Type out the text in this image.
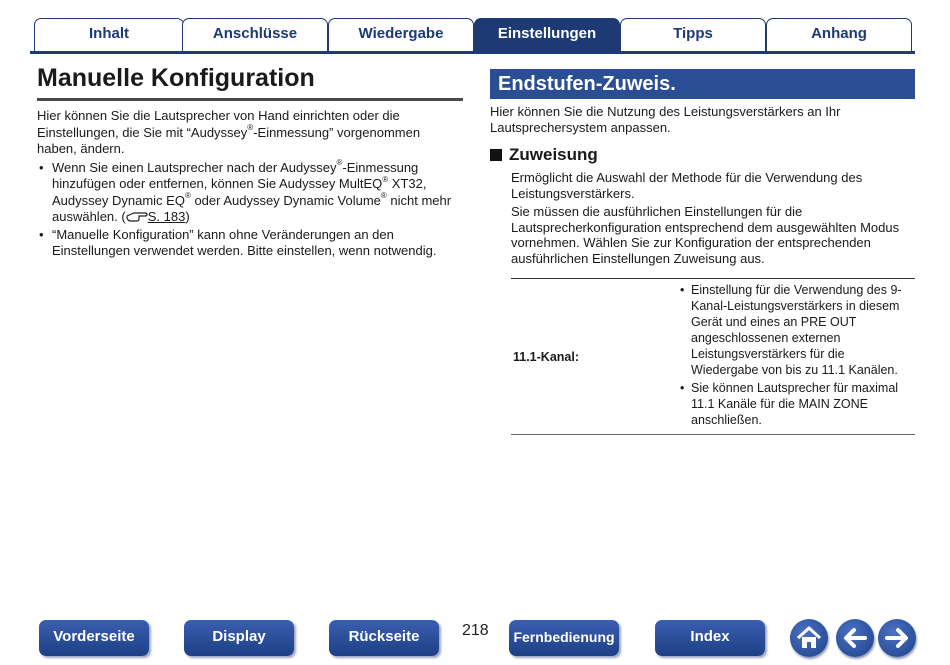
Inhalt	Anschlüsse	Wiedergabe	Einstellungen	Tipps	Anhang
Manuelle Konfiguration

Hier können Sie die Lautsprecher von Hand einrichten oder die Einstellungen, die Sie mit “Audyssey®-Einmessung” vorgenommen haben, ändern.

• Wenn Sie einen Lautsprecher nach der Audyssey®-Einmessung hinzufügen oder entfernen, können Sie Audyssey MultEQ® XT32, Audyssey Dynamic EQ® oder Audyssey Dynamic Volume® nicht mehr auswählen. ( S. 183)
• “Manuelle Konfiguration” kann ohne Veränderungen an den Einstellungen verwendet werden. Bitte einstellen, wenn notwendig.
Endstufen-Zuweis.

Hier können Sie die Nutzung des Leistungsverstärkers an Ihr Lautsprechersystem anpassen.

Zuweisung

Ermöglicht die Auswahl der Methode für die Verwendung des Leistungsverstärkers.

Sie müssen die ausführlichen Einstellungen für die Lautsprecherkonfiguration entsprechend dem ausgewählten Modus vornehmen. Wählen Sie zur Konfiguration der entsprechenden ausführlichen Einstellungen Zuweisung aus.

11.1-Kanal:	
• Einstellung für die Verwendung des 9-Kanal-Leistungsverstärkers in diesem Gerät und eines an PRE OUT angeschlossenen externen Leistungsverstärkers für die Wiedergabe von bis zu 11.1 Kanälen.
• Sie können Lautsprecher für maximal 11.1 Kanäle für die MAIN ZONE anschließen.
Vorderseite	Display	Rückseite	218	Fernbedienung	Index
